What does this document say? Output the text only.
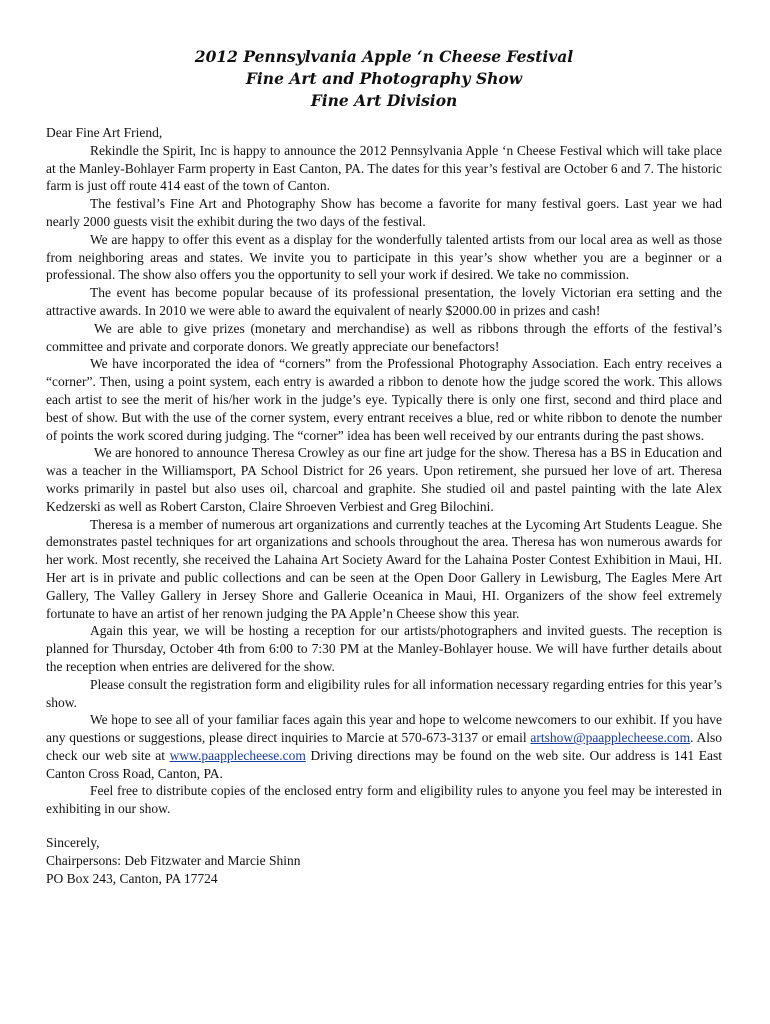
2012 Pennsylvania Apple ‘n Cheese Festival
Fine Art and Photography Show
Fine Art Division

Dear Fine Art Friend,

Rekindle the Spirit, Inc is happy to announce the 2012 Pennsylvania Apple ‘n Cheese Festival which will take place at the Manley-Bohlayer Farm property in East Canton, PA. The dates for this year’s festival are October 6 and 7. The historic farm is just off route 414 east of the town of Canton.

The festival’s Fine Art and Photography Show has become a favorite for many festival goers. Last year we had nearly 2000 guests visit the exhibit during the two days of the festival.

We are happy to offer this event as a display for the wonderfully talented artists from our local area as well as those from neighboring areas and states. We invite you to participate in this year’s show whether you are a beginner or a professional. The show also offers you the opportunity to sell your work if desired. We take no commission.

The event has become popular because of its professional presentation, the lovely Victorian era setting and the attractive awards. In 2010 we were able to award the equivalent of nearly $2000.00 in prizes and cash!

We are able to give prizes (monetary and merchandise) as well as ribbons through the efforts of the festival’s committee and private and corporate donors. We greatly appreciate our benefactors!

We have incorporated the idea of “corners” from the Professional Photography Association. Each entry receives a “corner”. Then, using a point system, each entry is awarded a ribbon to denote how the judge scored the work. This allows each artist to see the merit of his/her work in the judge’s eye. Typically there is only one first, second and third place and best of show. But with the use of the corner system, every entrant receives a blue, red or white ribbon to denote the number of points the work scored during judging. The “corner” idea has been well received by our entrants during the past shows.

We are honored to announce Theresa Crowley as our fine art judge for the show. Theresa has a BS in Education and was a teacher in the Williamsport, PA School District for 26 years. Upon retirement, she pursued her love of art. Theresa works primarily in pastel but also uses oil, charcoal and graphite. She studied oil and pastel painting with the late Alex Kedzerski as well as Robert Carston, Claire Shroeven Verbiest and Greg Bilochini.

Theresa is a member of numerous art organizations and currently teaches at the Lycoming Art Students League. She demonstrates pastel techniques for art organizations and schools throughout the area. Theresa has won numerous awards for her work. Most recently, she received the Lahaina Art Society Award for the Lahaina Poster Contest Exhibition in Maui, HI. Her art is in private and public collections and can be seen at the Open Door Gallery in Lewisburg, The Eagles Mere Art Gallery, The Valley Gallery in Jersey Shore and Gallerie Oceanica in Maui, HI. Organizers of the show feel extremely fortunate to have an artist of her renown judging the PA Apple’n Cheese show this year.

Again this year, we will be hosting a reception for our artists/photographers and invited guests. The reception is planned for Thursday, October 4th from 6:00 to 7:30 PM at the Manley-Bohlayer house. We will have further details about the reception when entries are delivered for the show.

Please consult the registration form and eligibility rules for all information necessary regarding entries for this year’s show.

We hope to see all of your familiar faces again this year and hope to welcome newcomers to our exhibit. If you have any questions or suggestions, please direct inquiries to Marcie at 570-673-3137 or email artshow@paapplecheese.com. Also check our web site at www.paapplecheese.com Driving directions may be found on the web site. Our address is 141 East Canton Cross Road, Canton, PA.

Feel free to distribute copies of the enclosed entry form and eligibility rules to anyone you feel may be interested in exhibiting in our show.

Sincerely,

Chairpersons: Deb Fitzwater and Marcie Shinn

PO Box 243, Canton, PA 17724
